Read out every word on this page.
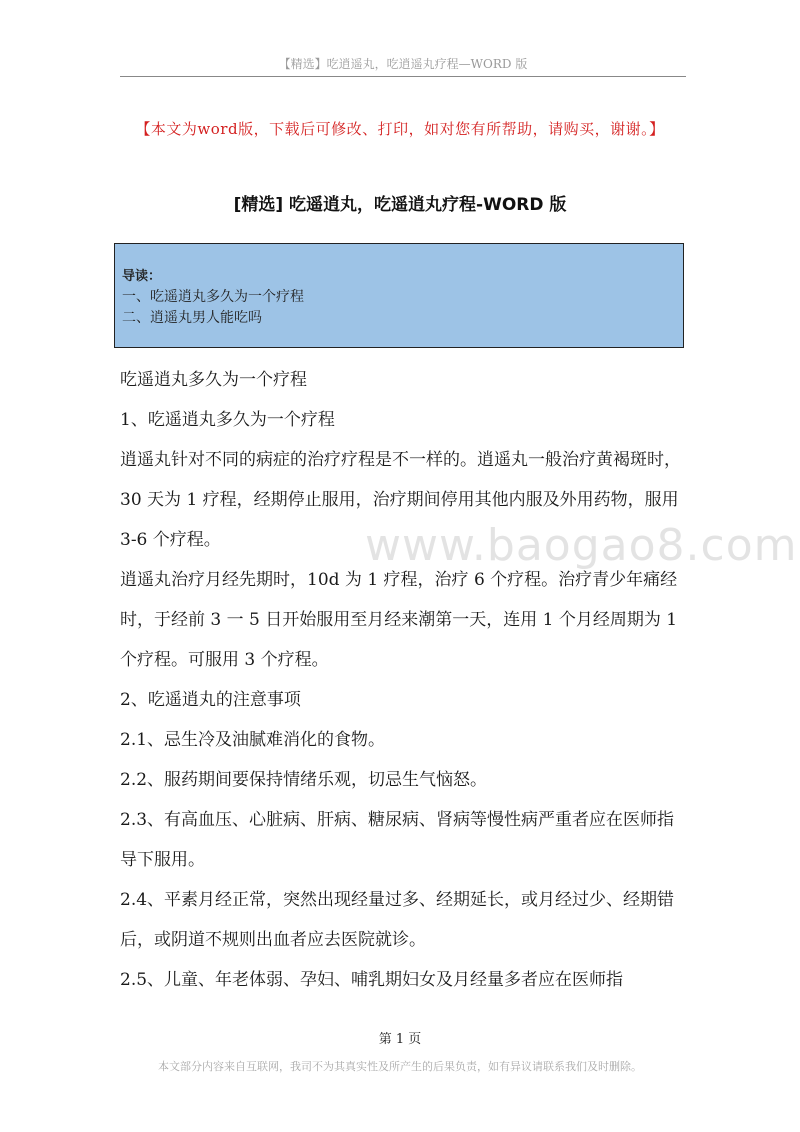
【精选】吃逍遥丸，吃逍遥丸疗程—WORD 版
【本文为word版，下载后可修改、打印，如对您有所帮助，请购买，谢谢。】
[精选] 吃遥逍丸，吃遥逍丸疗程-WORD 版
导读：
一、吃遥逍丸多久为一个疗程
二、逍遥丸男人能吃吗
www.baogao8.com

吃遥逍丸多久为一个疗程

1、吃遥逍丸多久为一个疗程

逍遥丸针对不同的病症的治疗疗程是不一样的。逍遥丸一般治疗黄褐斑时，30 天为 1 疗程，经期停止服用，治疗期间停用其他内服及外用药物，服用 3-6 个疗程。

逍遥丸治疗月经先期时，10d 为 1 疗程，治疗 6 个疗程。治疗青少年痛经时，于经前 3 一 5 日开始服用至月经来潮第一天，连用 1 个月经周期为 1 个疗程。可服用 3 个疗程。

2、吃遥逍丸的注意事项

2.1、忌生冷及油腻难消化的食物。

2.2、服药期间要保持情绪乐观，切忌生气恼怒。

2.3、有高血压、心脏病、肝病、糖尿病、肾病等慢性病严重者应在医师指导下服用。

2.4、平素月经正常，突然出现经量过多、经期延长，或月经过少、经期错后，或阴道不规则出血者应去医院就诊。

2.5、儿童、年老体弱、孕妇、哺乳期妇女及月经量多者应在医师指

第 1 页
本文部分内容来自互联网，我司不为其真实性及所产生的后果负责，如有异议请联系我们及时删除。
